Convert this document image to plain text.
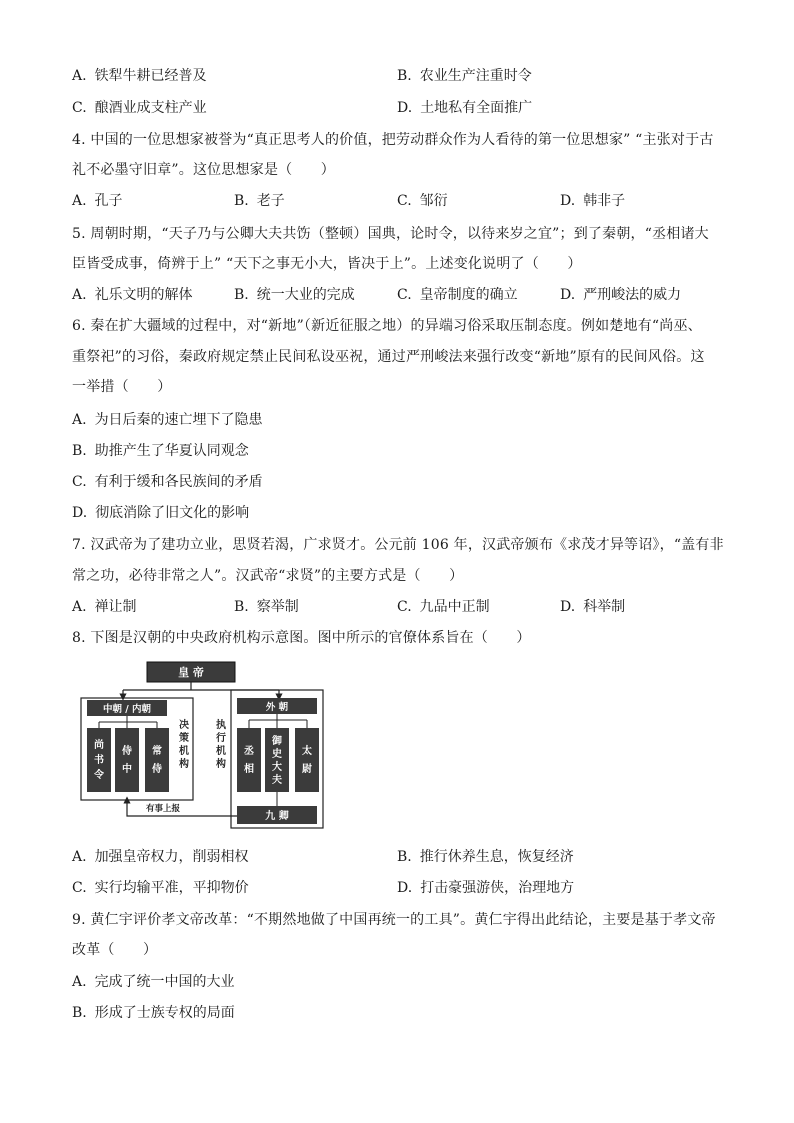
A. 铁犁牛耕已经普及	B. 农业生产注重时令
C. 酿酒业成支柱产业	D. 土地私有全面推广
4. 中国的一位思想家被誉为“真正思考人的价值，把劳动群众作为人看待的第一位思想家” “主张对于古
礼不必墨守旧章”。这位思想家是（　　）
A. 孔子	B. 老子	C. 邹衍	D. 韩非子
5. 周朝时期，“天子乃与公卿大夫共饬（整顿）国典，论时令，以待来岁之宜”；到了秦朝，“丞相诸大
臣皆受成事，倚辨于上” “天下之事无小大，皆决于上”。上述变化说明了（　　）
A. 礼乐文明的解体	B. 统一大业的完成	C. 皇帝制度的确立	D. 严刑峻法的威力
6. 秦在扩大疆域的过程中，对“新地”（新近征服之地）的异端习俗采取压制态度。例如楚地有“尚巫、
重祭祀”的习俗，秦政府规定禁止民间私设巫祝，通过严刑峻法来强行改变“新地”原有的民间风俗。这
一举措（　　）
A. 为日后秦的速亡埋下了隐患
B. 助推产生了华夏认同观念
C. 有利于缓和各民族间的矛盾
D. 彻底消除了旧文化的影响
7. 汉武帝为了建功立业，思贤若渴，广求贤才。公元前 106 年，汉武帝颁布《求茂才异等诏》，“盖有非
常之功，必待非常之人”。汉武帝“求贤”的主要方式是（　　）
A. 禅让制	B. 察举制	C. 九品中正制	D. 科举制
8. 下图是汉朝的中央政府机构示意图。图中所示的官僚体系旨在（　　）
皇 帝
中朝 / 内朝
尚
书
令
侍
中
常
侍
决
策
机
构
外 朝
丞
相
御
史
大
夫
太
尉
执
行
机
构
九 卿
有事上报
A. 加强皇帝权力，削弱相权	B. 推行休养生息，恢复经济
C. 实行均输平准，平抑物价	D. 打击豪强游侠，治理地方
9. 黄仁宇评价孝文帝改革：“不期然地做了中国再统一的工具”。黄仁宇得出此结论，主要是基于孝文帝
改革（　　）
A. 完成了统一中国的大业
B. 形成了士族专权的局面
